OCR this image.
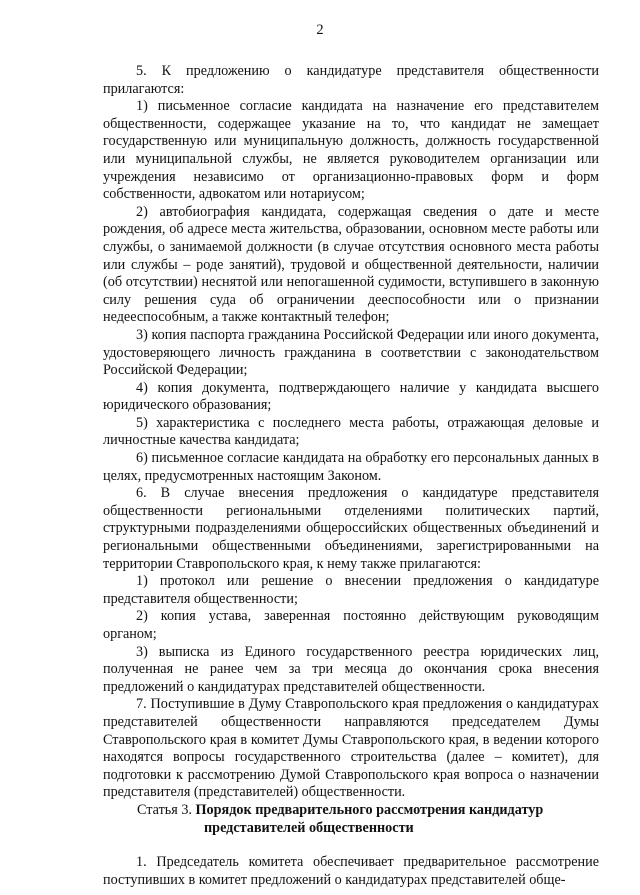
2

5. К предложению о кандидатуре представителя общественности прилагаются:

1) письменное согласие кандидата на назначение его представителем общественности, содержащее указание на то, что кандидат не замещает государственную или муниципальную должность, должность государственной или муниципальной службы, не является руководителем организации или учреждения независимо от организационно-правовых форм и форм собственности, адвокатом или нотариусом;

2) автобиография кандидата, содержащая сведения о дате и месте рождения, об адресе места жительства, образовании, основном месте работы или службы, о занимаемой должности (в случае отсутствия основного места работы или службы – роде занятий), трудовой и общественной деятельности, наличии (об отсутствии) неснятой или непогашенной судимости, вступившего в законную силу решения суда об ограничении дееспособности или о признании недееспособным, а также контактный телефон;

3) копия паспорта гражданина Российской Федерации или иного документа, удостоверяющего личность гражданина в соответствии с законодательством Российской Федерации;

4) копия документа, подтверждающего наличие у кандидата высшего юридического образования;

5) характеристика с последнего места работы, отражающая деловые и личностные качества кандидата;

6) письменное согласие кандидата на обработку его персональных данных в целях, предусмотренных настоящим Законом.

6. В случае внесения предложения о кандидатуре представителя общественности региональными отделениями политических партий, структурными подразделениями общероссийских общественных объединений и региональными общественными объединениями, зарегистрированными на территории Ставропольского края, к нему также прилагаются:

1) протокол или решение о внесении предложения о кандидатуре представителя общественности;

2) копия устава, заверенная постоянно действующим руководящим органом;

3) выписка из Единого государственного реестра юридических лиц, полученная не ранее чем за три месяца до окончания срока внесения предложений о кандидатурах представителей общественности.

7. Поступившие в Думу Ставропольского края предложения о кандидатурах представителей общественности направляются председателем Думы Ставропольского края в комитет Думы Ставропольского края, в ведении которого находятся вопросы государственного строительства (далее – комитет), для подготовки к рассмотрению Думой Ставропольского края вопроса о назначении представителя (представителей) общественности.

Статья 3. Порядок предварительного рассмотрения кандидатур
представителей общественности

1. Председатель комитета обеспечивает предварительное рассмотрение поступивших в комитет предложений о кандидатурах представителей обще-
